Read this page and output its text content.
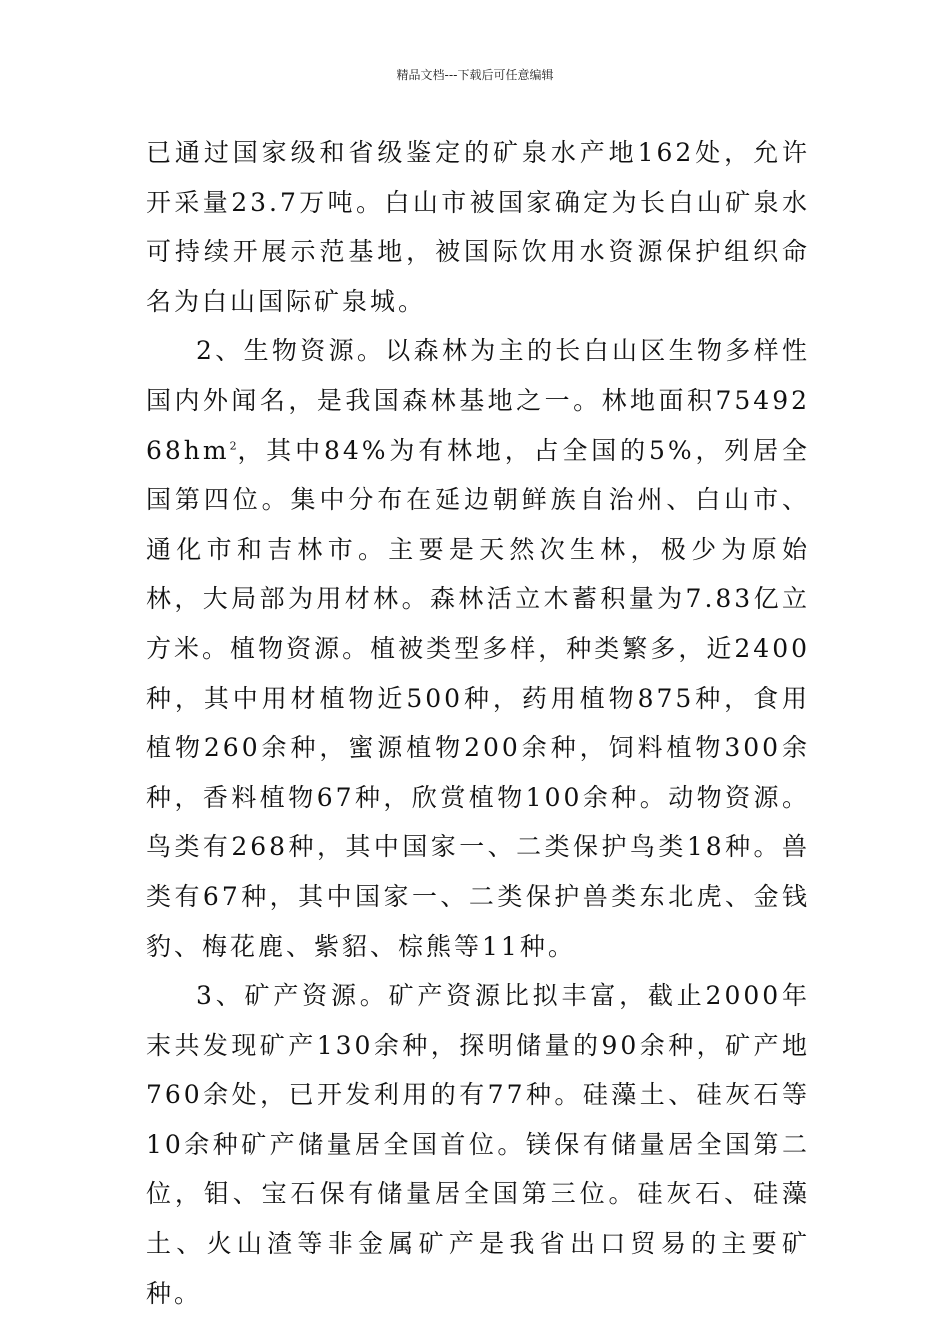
精品文档---下载后可任意编辑

已通过国家级和省级鉴定的矿泉水产地162处，允许开采量23.7万吨。白山市被国家确定为长白山矿泉水可持续开展示范基地，被国际饮用水资源保护组织命名为白山国际矿泉城。

2、生物资源。以森林为主的长白山区生物多样性国内外闻名，是我国森林基地之一。林地面积$7549268hm^2$，其中84%为有林地，占全国的5%，列居全国第四位。集中分布在延边朝鲜族自治州、白山市、通化市和吉林市。主要是天然次生林，极少为原始林，大局部为用材林。森林活立木蓄积量为7.83亿立方米。植物资源。植被类型多样，种类繁多，近2400种，其中用材植物近500种，药用植物875种，食用植物260余种，蜜源植物200余种，饲料植物300余种，香料植物67种，欣赏植物100余种。动物资源。鸟类有268种，其中国家一、二类保护鸟类18种。兽类有67种，其中国家一、二类保护兽类东北虎、金钱豹、梅花鹿、紫貂、棕熊等11种。

3、矿产资源。矿产资源比拟丰富，截止2000年末共发现矿产130余种，探明储量的90余种，矿产地760余处，已开发利用的有77种。硅藻土、硅灰石等10余种矿产储量居全国首位。镁保有储量居全国第二位，钼、宝石保有储量居全国第三位。硅灰石、硅藻土、火山渣等非金属矿产是我省出口贸易的主要矿种。
